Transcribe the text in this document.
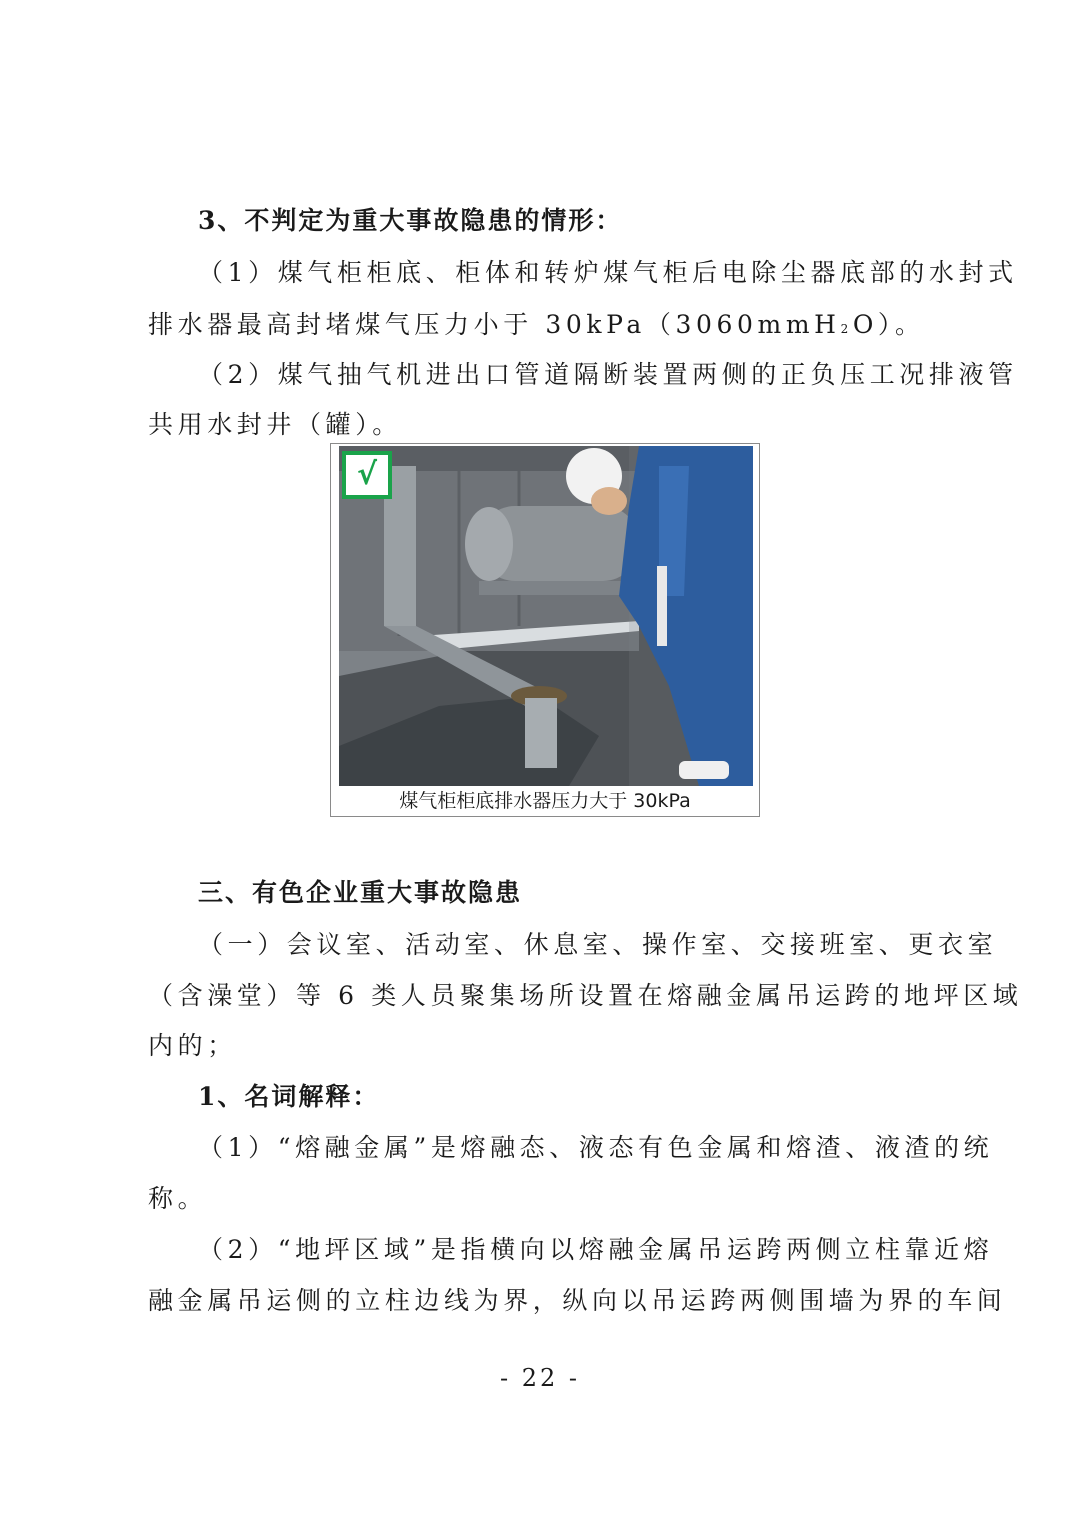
3、不判定为重大事故隐患的情形：
（1）煤气柜柜底、柜体和转炉煤气柜后电除尘器底部的水封式
排水器最高封堵煤气压力小于 30kPa（3060mmH2O）。
（2）煤气抽气机进出口管道隔断装置两侧的正负压工况排液管
共用水封井（罐）。
√
煤气柜柜底排水器压力大于 30kPa
三、有色企业重大事故隐患
（一）会议室、活动室、休息室、操作室、交接班室、更衣室
（含澡堂）等 6 类人员聚集场所设置在熔融金属吊运跨的地坪区域
内的；
1、名词解释：
（1）“熔融金属”是熔融态、液态有色金属和熔渣、液渣的统
称。
（2）“地坪区域”是指横向以熔融金属吊运跨两侧立柱靠近熔
融金属吊运侧的立柱边线为界，纵向以吊运跨两侧围墙为界的车间
- 22 -
